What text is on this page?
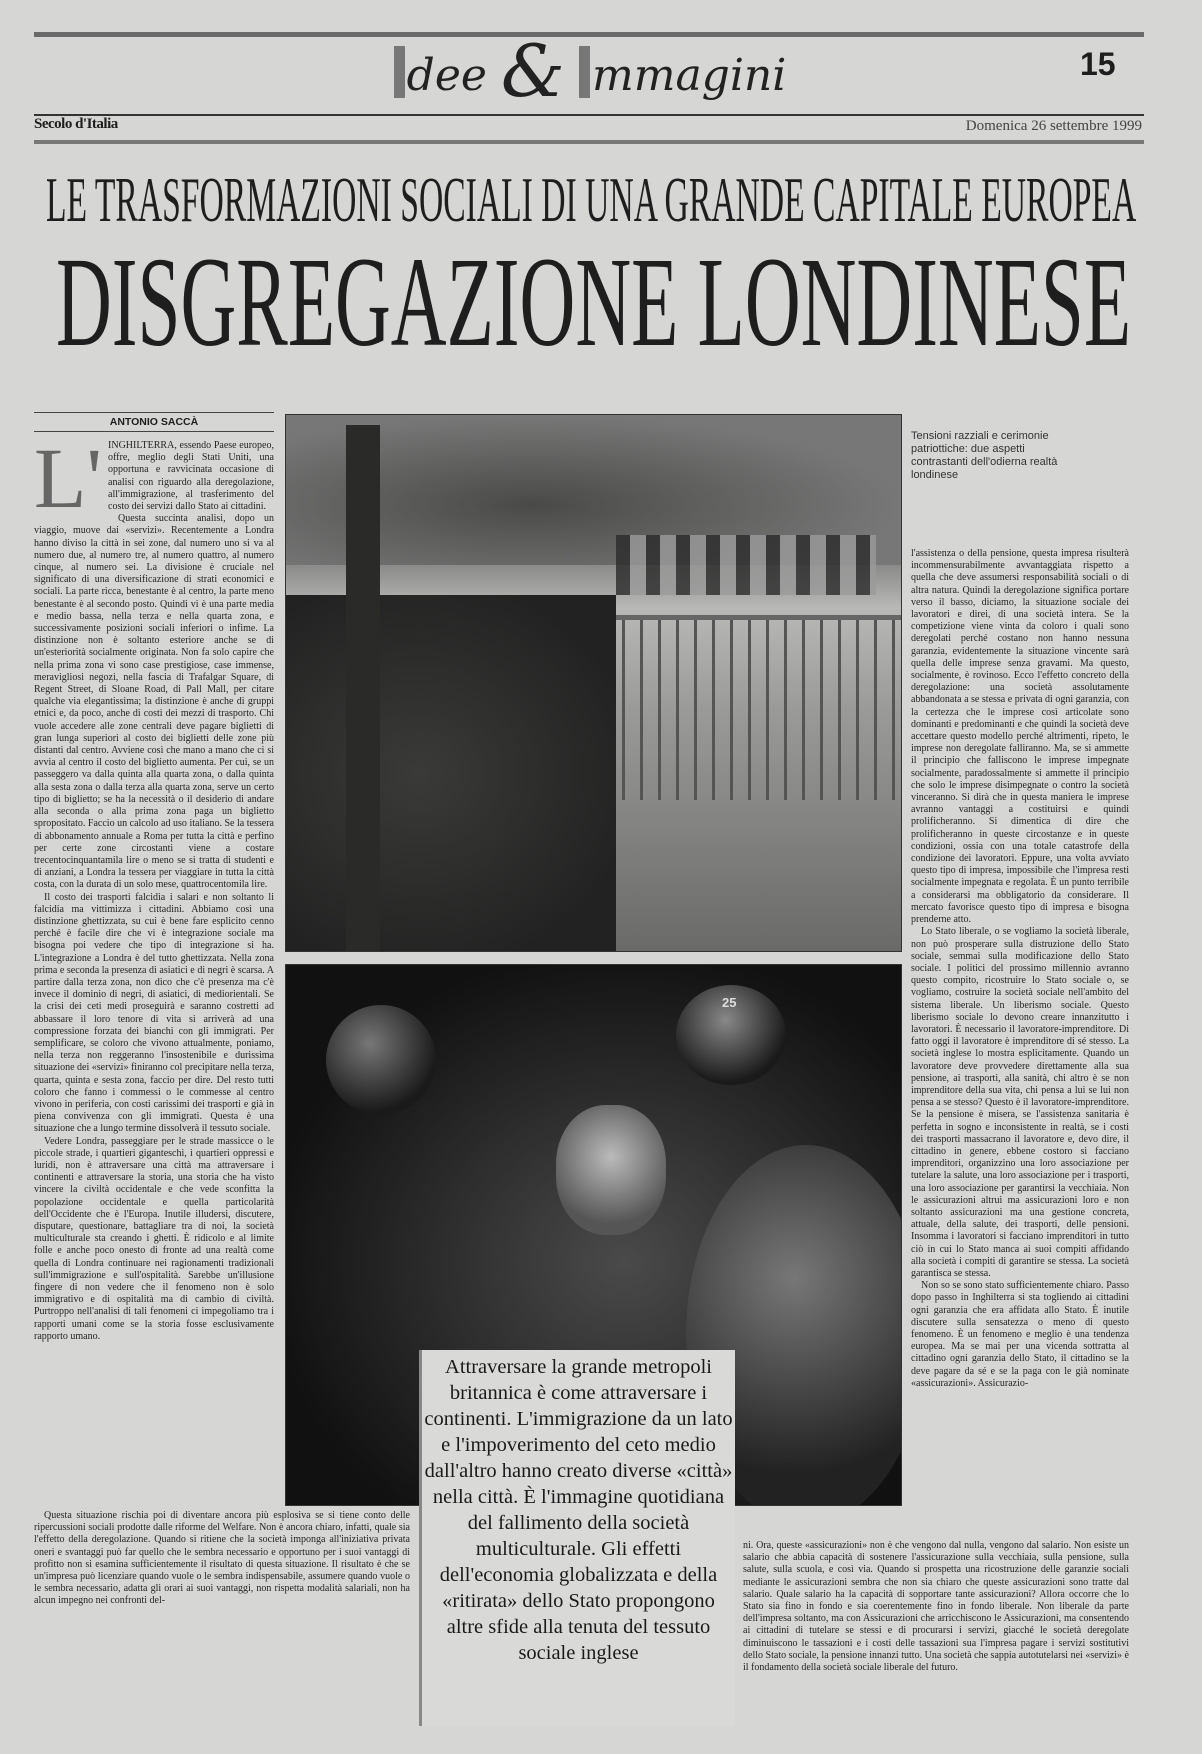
dee & mmagini	15
Secolo d'Italia	Domenica 26 settembre 1999
LE TRASFORMAZIONI SOCIALI DI UNA GRANDE CAPITALE EUROPEA
DISGREGAZIONE LONDINESE
ANTONIO SACCÀ
L' INGHILTERRA, essendo Paese europeo, offre, meglio degli Stati Uniti, una opportuna e ravvicinata occasione di analisi con riguardo alla deregolazione, all'immigrazione, al trasferimento del costo dei servizi dallo Stato ai cittadini.

Questa succinta analisi, dopo un viaggio, muove dai «servizi». Recentemente a Londra hanno diviso la città in sei zone, dal numero uno si va al numero due, al numero tre, al numero quattro, al numero cinque, al numero sei. La divisione è cruciale nel significato di una diversificazione di strati economici e sociali. La parte ricca, benestante è al centro, la parte meno benestante è al secondo posto. Quindi vi è una parte media e medio bassa, nella terza e nella quarta zona, e successivamente posizioni sociali inferiori o infime. La distinzione non è soltanto esteriore anche se di un'esteriorità socialmente originata. Non fa solo capire che nella prima zona vi sono case prestigiose, case immense, meravigliosi negozi, nella fascia di Trafalgar Square, di Regent Street, di Sloane Road, di Pall Mall, per citare qualche via elegantissima; la distinzione è anche di gruppi etnici e, da poco, anche di costi dei mezzi di trasporto. Chi vuole accedere alle zone centrali deve pagare biglietti di gran lunga superiori al costo dei biglietti delle zone più distanti dal centro. Avviene così che mano a mano che ci si avvia al centro il costo del biglietto aumenta. Per cui, se un passeggero va dalla quinta alla quarta zona, o dalla quinta alla sesta zona o dalla terza alla quarta zona, serve un certo tipo di biglietto; se ha la necessità o il desiderio di andare alla seconda o alla prima zona paga un biglietto spropositato. Faccio un calcolo ad uso italiano. Se la tessera di abbonamento annuale a Roma per tutta la città e perfino per certe zone circostanti viene a costare trecentocinquantamila lire o meno se si tratta di studenti e di anziani, a Londra la tessera per viaggiare in tutta la città costa, con la durata di un solo mese, quattrocentomila lire.

Il costo dei trasporti falcidia i salari e non soltanto li falcidia ma vittimizza i cittadini. Abbiamo così una distinzione ghettizzata, su cui è bene fare esplicito cenno perché è facile dire che vi è integrazione sociale ma bisogna poi vedere che tipo di integrazione si ha. L'integrazione a Londra è del tutto ghettizzata. Nella zona prima e seconda la presenza di asiatici e di negri è scarsa. A partire dalla terza zona, non dico che c'è presenza ma c'è invece il dominio di negri, di asiatici, di mediorientali. Se la crisi dei ceti medi proseguirà e saranno costretti ad abbassare il loro tenore di vita si arriverà ad una compressione forzata dei bianchi con gli immigrati. Per semplificare, se coloro che vivono attualmente, poniamo, nella terza non reggeranno l'insostenibile e durissima situazione dei «servizi» finiranno col precipitare nella terza, quarta, quinta e sesta zona, faccio per dire. Del resto tutti coloro che fanno i commessi o le commesse al centro vivono in periferia, con costi carissimi dei trasporti e già in piena convivenza con gli immigrati. Questa è una situazione che a lungo termine dissolverà il tessuto sociale.

Vedere Londra, passeggiare per le strade massicce o le piccole strade, i quartieri giganteschi, i quartieri oppressi e luridi, non è attraversare una città ma attraversare i continenti e attraversare la storia, una storia che ha visto vincere la civiltà occidentale e che vede sconfitta la popolazione occidentale e quella particolarità dell'Occidente che è l'Europa. Inutile illudersi, discutere, disputare, questionare, battagliare tra di noi, la società multiculturale sta creando i ghetti. È ridicolo e al limite folle e anche poco onesto di fronte ad una realtà come quella di Londra continuare nei ragionamenti tradizionali sull'immigrazione e sull'ospitalità. Sarebbe un'illusione fingere di non vedere che il fenomeno non è solo immigrativo e di ospitalità ma di cambio di civiltà. Purtroppo nell'analisi di tali fenomeni ci impegoliamo tra i rapporti umani come se la storia fosse esclusivamente rapporto umano.

Questa situazione rischia poi di diventare ancora più esplosiva se si tiene conto delle ripercussioni sociali prodotte dalle riforme del Welfare. Non è ancora chiaro, infatti, quale sia l'effetto della deregolazione. Quando si ritiene che la società imponga all'iniziativa privata oneri e svantaggi può far quello che le sembra necessario e opportuno per i suoi vantaggi di profitto non si esamina sufficientemente il risultato di questa situazione. Il risultato è che se un'impresa può licenziare quando vuole o le sembra indispensabile, assumere quando vuole o le sembra necessario, adatta gli orari ai suoi vantaggi, non rispetta modalità salariali, non ha alcun impegno nei confronti del-

Tensioni razziali e cerimonie patriottiche: due aspetti contrastanti dell'odierna realtà londinese

l'assistenza o della pensione, questa impresa risulterà incommensurabilmente avvantaggiata rispetto a quella che deve assumersi responsabilità sociali o di altra natura. Quindi la deregolazione significa portare verso il basso, diciamo, la situazione sociale dei lavoratori e direi, di una società intera. Se la competizione viene vinta da coloro i quali sono deregolati perché costano non hanno nessuna garanzia, evidentemente la situazione vincente sarà quella delle imprese senza gravami. Ma questo, socialmente, è rovinoso. Ecco l'effetto concreto della deregolazione: una società assolutamente abbandonata a se stessa e privata di ogni garanzia, con la certezza che le imprese così articolate sono dominanti e predominanti e che quindi la società deve accettare questo modello perché altrimenti, ripeto, le imprese non deregolate falliranno. Ma, se si ammette il principio che falliscono le imprese impegnate socialmente, paradossalmente si ammette il principio che solo le imprese disimpegnate o contro la società vinceranno. Si dirà che in questa maniera le imprese avranno vantaggi a costituirsi e quindi prolificheranno. Si dimentica di dire che prolificheranno in queste circostanze e in queste condizioni, ossia con una totale catastrofe della condizione dei lavoratori. Eppure, una volta avviato questo tipo di impresa, impossibile che l'impresa resti socialmente impegnata e regolata. È un punto terribile a considerarsi ma obbligatorio da considerare. Il mercato favorisce questo tipo di impresa e bisogna prenderne atto.

Lo Stato liberale, o se vogliamo la società liberale, non può prosperare sulla distruzione dello Stato sociale, semmai sulla modificazione dello Stato sociale. I politici del prossimo millennio avranno questo compito, ricostruire lo Stato sociale o, se vogliamo, costruire la società sociale nell'ambito del sistema liberale. Un liberismo sociale. Questo liberismo sociale lo devono creare innanzitutto i lavoratori. È necessario il lavoratore-imprenditore. Di fatto oggi il lavoratore è imprenditore di sé stesso. La società inglese lo mostra esplicitamente. Quando un lavoratore deve provvedere direttamente alla sua pensione, ai trasporti, alla sanità, chi altro è se non imprenditore della sua vita, chi pensa a lui se lui non pensa a se stesso? Questo è il lavoratore-imprenditore. Se la pensione è misera, se l'assistenza sanitaria è perfetta in sogno e inconsistente in realtà, se i costi dei trasporti massacrano il lavoratore e, devo dire, il cittadino in genere, ebbene costoro si facciano imprenditori, organizzino una loro associazione per tutelare la salute, una loro associazione per i trasporti, una loro associazione per garantirsi la vecchiaia. Non le assicurazioni altrui ma assicurazioni loro e non soltanto assicurazioni ma una gestione concreta, attuale, della salute, dei trasporti, delle pensioni. Insomma i lavoratori si facciano imprenditori in tutto ciò in cui lo Stato manca ai suoi compiti affidando alla società i compiti di garantire se stessa. La società garantisca se stessa.

Non so se sono stato sufficientemente chiaro. Passo dopo passo in Inghilterra si sta togliendo ai cittadini ogni garanzia che era affidata allo Stato. È inutile discutere sulla sensatezza o meno di questo fenomeno. È un fenomeno e meglio è una tendenza europea. Ma se mai per una vicenda sottratta al cittadino ogni garanzia dello Stato, il cittadino se la deve pagare da sé e se la paga con le già nominate «assicurazioni». Assicurazio-

25
Attraversare la grande metropoli britannica è come attraversare i continenti. L'immigrazione da un lato e l'impoverimento del ceto medio dall'altro hanno creato diverse «città» nella città. È l'immagine quotidiana del fallimento della società multiculturale. Gli effetti dell'economia globalizzata e della «ritirata» dello Stato propongono altre sfide alla tenuta del tessuto sociale inglese

ni. Ora, queste «assicurazioni» non è che vengono dal nulla, vengono dal salario. Non esiste un salario che abbia capacità di sostenere l'assicurazione sulla vecchiaia, sulla pensione, sulla salute, sulla scuola, e così via. Quando si prospetta una ricostruzione delle garanzie sociali mediante le assicurazioni sembra che non sia chiaro che queste assicurazioni sono tratte dal salario. Quale salario ha la capacità di sopportare tante assicurazioni? Allora occorre che lo Stato sia fino in fondo e sia coerentemente fino in fondo liberale. Non liberale da parte dell'impresa soltanto, ma con Assicurazioni che arricchiscono le Assicurazioni, ma consentendo ai cittadini di tutelare se stessi e di procurarsi i servizi, giacché le società deregolate diminuiscono le tassazioni e i costi delle tassazioni sua l'impresa pagare i servizi sostitutivi dello Stato sociale, la pensione innanzi tutto. Una società che sappia autotutelarsi nei «servizi» è il fondamento della società sociale liberale del futuro.
